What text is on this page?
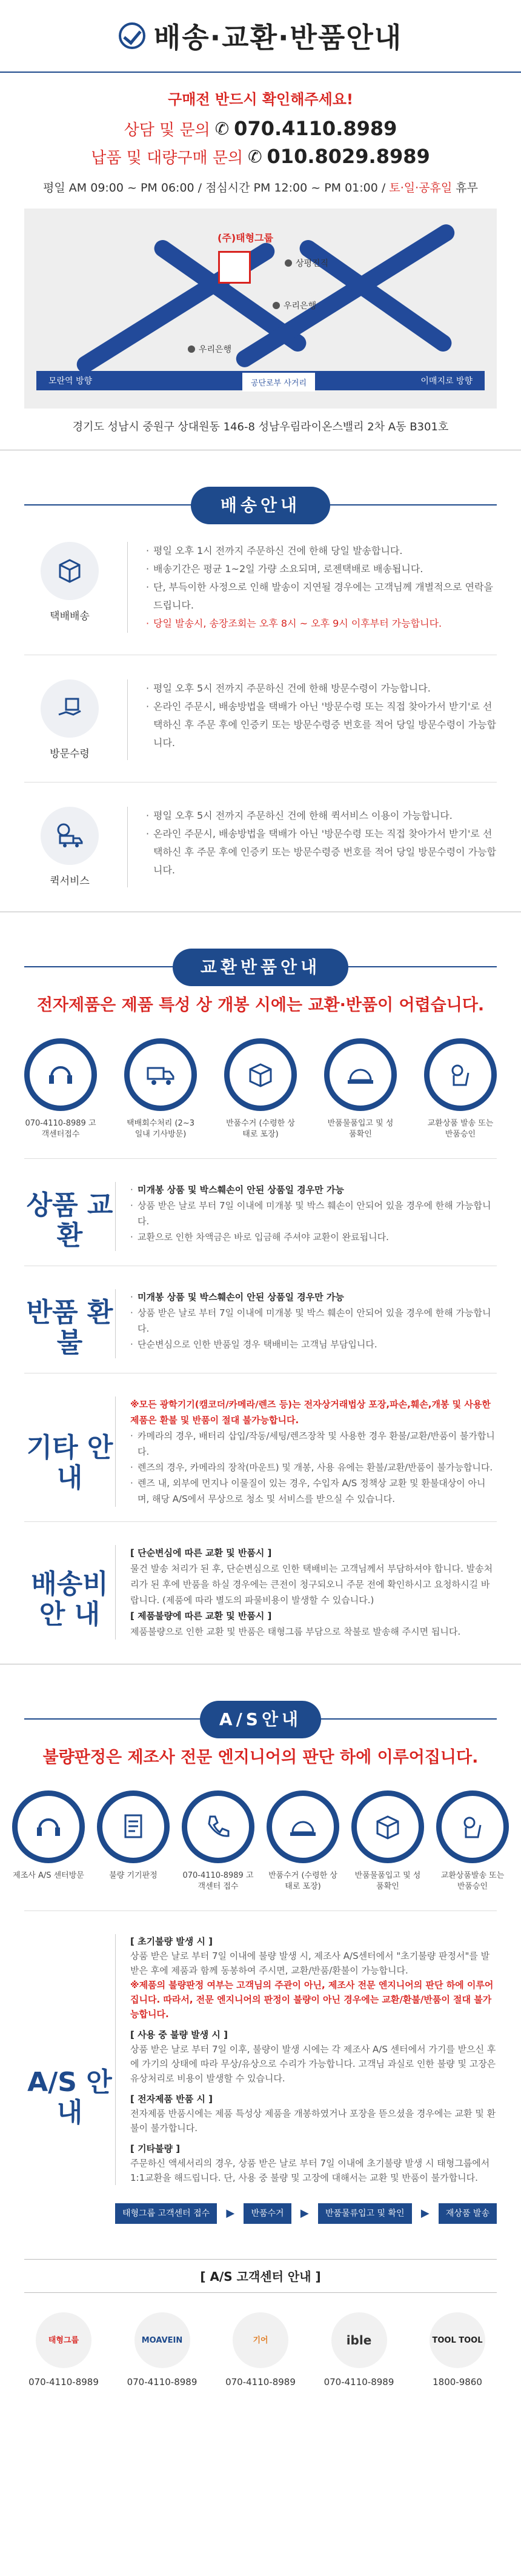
배송·교환·반품안내
구매전 반드시 확인해주세요!
상담 및 문의 ✆ 070.4110.8989
납품 및 대량구매 문의 ✆ 010.8029.8989
평일 AM 09:00 ~ PM 06:00 / 점심시간 PM 12:00 ~ PM 01:00 / 토·일·공휴일 휴무
(주)태형그룹
상평진직
우리은행
우리은행
모란역 방향	이매지로 방향
공단로부 사거리
경기도 성남시 중원구 상대원동 146-8 성남우림라이온스밸리 2차 A동 B301호
배송안내
택배배송

· 평일 오후 1시 전까지 주문하신 건에 한해 당일 발송합니다.

· 배송기간은 평균 1~2일 가량 소요되며, 로젠택배로 배송됩니다.

· 단, 부득이한 사정으로 인해 발송이 지연될 경우에는 고객님께 개별적으로 연락을 드립니다.

· 당일 발송시, 송장조회는 오후 8시 ~ 오후 9시 이후부터 가능합니다.

방문수령

· 평일 오후 5시 전까지 주문하신 건에 한해 방문수령이 가능합니다.

· 온라인 주문시, 배송방법을 택배가 아닌 '방문수령 또는 직접 찾아가서 받기'로 선택하신 후 주문 후에 인증키 또는 방문수령증 번호를 적어 당일 방문수령이 가능합니다.

퀵서비스

· 평일 오후 5시 전까지 주문하신 건에 한해 퀵서비스 이용이 가능합니다.

· 온라인 주문시, 배송방법을 택배가 아닌 '방문수령 또는 직접 찾아가서 받기'로 선택하신 후 주문 후에 인증키 또는 방문수령증 번호를 적어 당일 방문수령이 가능합니다.

교환반품안내
전자제품은 제품 특성 상 개봉 시에는 교환·반품이 어렵습니다.
070-4110-8989 고객센터접수
택배회수처리 (2~3일내 기사방문)
반품수거 (수령한 상태로 포장)
반품물품입고 및 성품확인
교환상품 발송 또는 반품승인
상품 교환

· 미개봉 상품 및 박스훼손이 안된 상품일 경우만 가능

· 상품 받은 날로 부터 7일 이내에 미개봉 및 박스 훼손이 안되어 있을 경우에 한해 가능합니다.

· 교환으로 인한 차액금은 바로 입금해 주셔야 교환이 완료됩니다.

반품 환불

· 미개봉 상품 및 박스훼손이 안된 상품일 경우만 가능

· 상품 받은 날로 부터 7일 이내에 미개봉 및 박스 훼손이 안되어 있을 경우에 한해 가능합니다.

· 단순변심으로 인한 반품일 경우 택배비는 고객님 부담입니다.

기타 안내

※모든 광학기기(캠코더/카메라/렌즈 등)는 전자상거래법상 포장,파손,훼손,개봉 및 사용한 제품은 환불 및 반품이 절대 불가능합니다.

· 카메라의 경우, 배터리 삽입/작동/세팅/렌즈장착 및 사용한 경우 환불/교환/반품이 불가합니다.

· 렌즈의 경우, 카메라의 장착(마운트) 및 개봉, 사용 유에는 환불/교환/반품이 불가능합니다.

· 렌즈 내, 외부에 먼지나 이물질이 있는 경우, 수입자 A/S 정책상 교환 및 환불대상이 아니며, 해당 A/S에서 무상으로 청소 및 서비스를 받으실 수 있습니다.

배송비 안 내

[ 단순변심에 따른 교환 및 반품시 ]

물건 발송 처리가 된 후, 단순변심으로 인한 택배비는 고객님께서 부담하셔야 합니다. 발송처리가 된 후에 반품을 하실 경우에는 큰전이 청구되오니 주문 전에 확인하시고 요청하시길 바랍니다. (제품에 따라 별도의 파물비용이 발생할 수 있습니다.)

[ 제품불량에 따른 교환 및 반품시 ]

제품불량으로 인한 교환 및 반품은 태형그룹 부담으로 착불로 발송해 주시면 됩니다.

A/S안내
불량판정은 제조사 전문 엔지니어의 판단 하에 이루어집니다.
제조사 A/S 센터방문	불량 기기판정	070-4110-8989 고객센터 접수
반품수거 (수령한 상태로 포장)
반품물품입고 및 성품확인
교환상품발송 또는 반품승인
A/S 안내

[ 초기불량 발생 시 ]

상품 받은 날로 부터 7일 이내에 불량 발생 시, 제조사 A/S센터에서 "초기불량 판정서"를 발 받은 후에 제품과 함께 동봉하여 주시면, 교환/반품/환불이 가능합니다.

※제품의 불량판정 여부는 고객님의 주관이 아닌, 제조사 전문 엔지니어의 판단 하에 이루어 집니다. 따라서, 전문 엔지니어의 판정이 불량이 아닌 경우에는 교환/환불/반품이 절대 불가능합니다.

[ 사용 중 불량 발생 시 ]

상품 받은 날로 부터 7일 이후, 불량이 발생 시에는 각 제조사 A/S 센터에서 가기를 받으신 후에 가기의 상태에 따라 무상/유상으로 수리가 가능합니다. 고객님 과실로 인한 불량 및 고장은 유상처리로 비용이 발생할 수 있습니다.

[ 전자제품 반품 시 ]

전자제품 반품시에는 제품 특성상 제품을 개봉하였거나 포장을 뜯으셨을 경우에는 교환 및 환불이 불가합니다.

[ 기타불량 ]

주문하신 액세서리의 경우, 상품 받은 날로 부터 7일 이내에 초기불량 발생 시 태형그룹에서 1:1교환을 해드립니다. 단, 사용 중 불량 및 고장에 대해서는 교환 및 반품이 불가합니다.

태형그룹 고객센터 접수	▶	반품수거	▶	반품물류입고 및 확인	▶	재상품 발송
[ A/S 고객센터 안내 ]
태형그룹
070-4110-8989
MOAVEIN
070-4110-8989
기어
070-4110-8989
ible
070-4110-8989
TOOL TOOL
1800-9860
